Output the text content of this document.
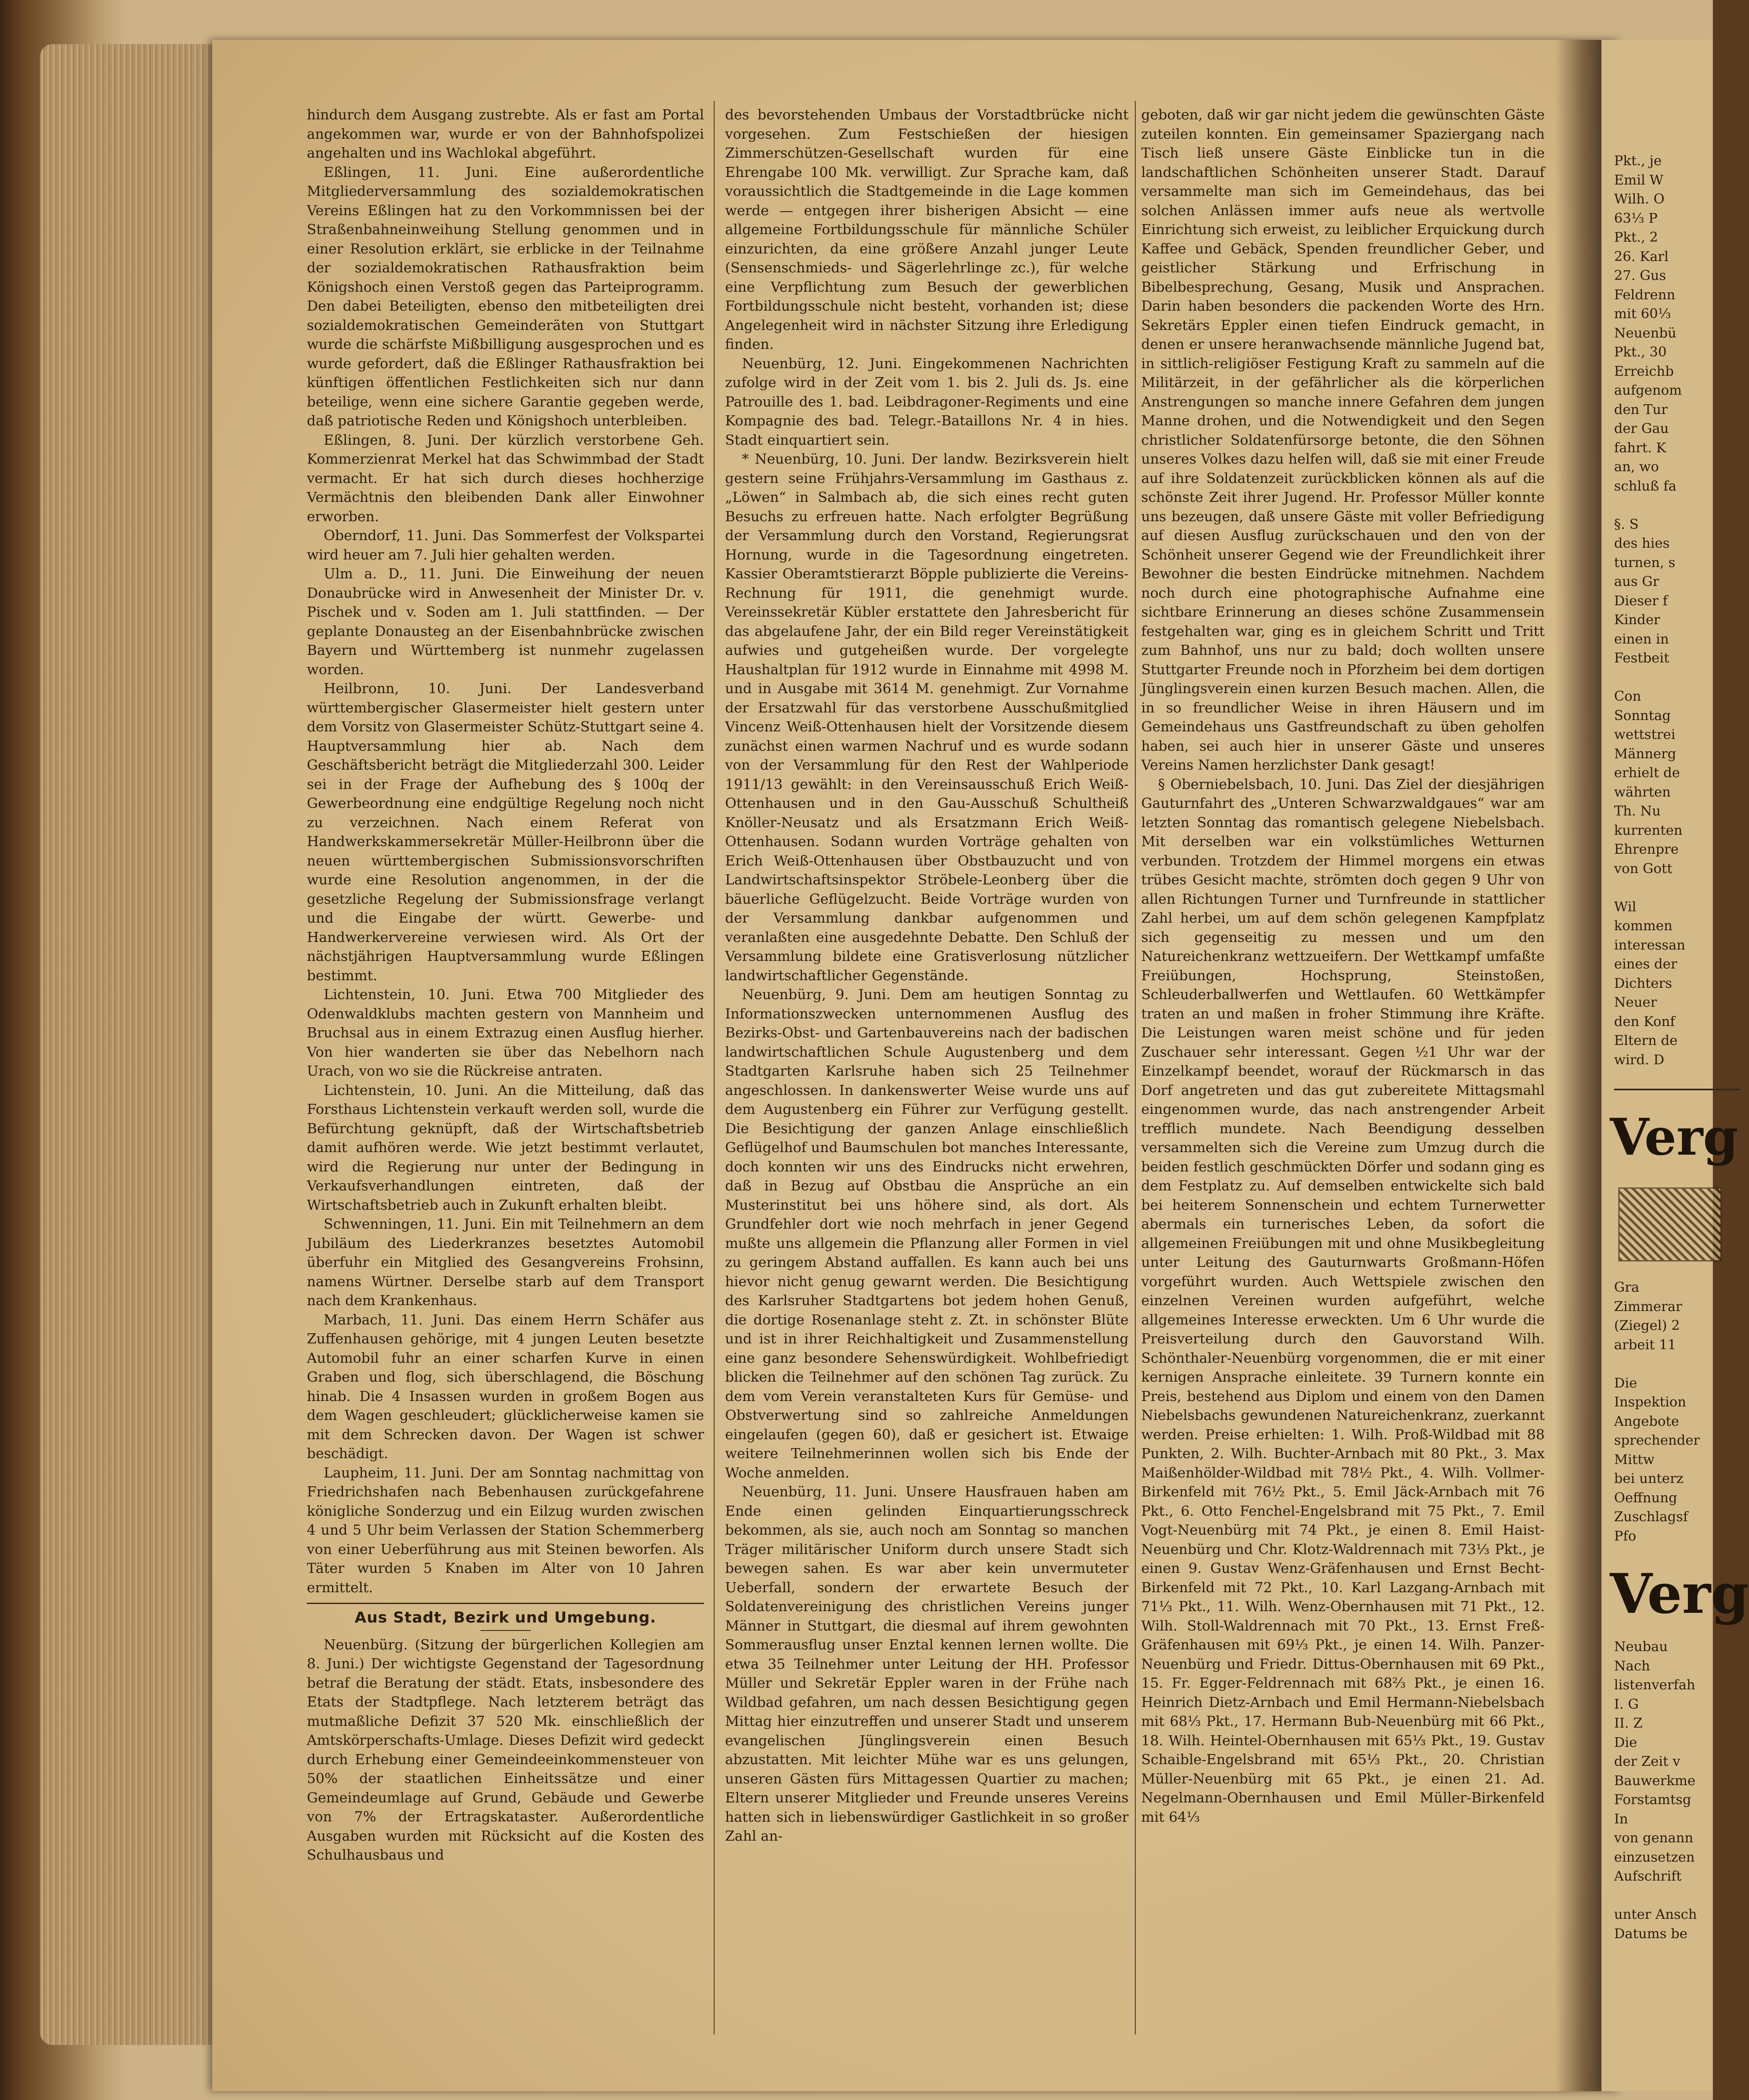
hindurch dem Ausgang zustrebte. Als er fast am Portal angekommen war, wurde er von der Bahnhofspolizei angehalten und ins Wachlokal abgeführt.

Eßlingen, 11. Juni. Eine außerordentliche Mitgliederversammlung des sozialdemokratischen Vereins Eßlingen hat zu den Vorkommnissen bei der Straßenbahneinweihung Stellung genommen und in einer Resolution erklärt, sie erblicke in der Teilnahme der sozialdemokratischen Rathausfraktion beim Königshoch einen Verstoß gegen das Parteiprogramm. Den dabei Beteiligten, ebenso den mitbeteiligten drei sozialdemokratischen Gemeinderäten von Stuttgart wurde die schärfste Mißbilligung ausgesprochen und es wurde gefordert, daß die Eßlinger Rathausfraktion bei künftigen öffentlichen Festlichkeiten sich nur dann beteilige, wenn eine sichere Garantie gegeben werde, daß patriotische Reden und Königshoch unterbleiben.

Eßlingen, 8. Juni. Der kürzlich verstorbene Geh. Kommerzienrat Merkel hat das Schwimmbad der Stadt vermacht. Er hat sich durch dieses hochherzige Vermächtnis den bleibenden Dank aller Einwohner erworben.

Oberndorf, 11. Juni. Das Sommerfest der Volkspartei wird heuer am 7. Juli hier gehalten werden.

Ulm a. D., 11. Juni. Die Einweihung der neuen Donaubrücke wird in Anwesenheit der Minister Dr. v. Pischek und v. Soden am 1. Juli stattfinden. — Der geplante Donausteg an der Eisenbahnbrücke zwischen Bayern und Württemberg ist nunmehr zugelassen worden.

Heilbronn, 10. Juni. Der Landesverband württembergischer Glasermeister hielt gestern unter dem Vorsitz von Glasermeister Schütz-Stuttgart seine 4. Hauptversammlung hier ab. Nach dem Geschäftsbericht beträgt die Mitgliederzahl 300. Leider sei in der Frage der Aufhebung des § 100q der Gewerbeordnung eine endgültige Regelung noch nicht zu verzeichnen. Nach einem Referat von Handwerkskammersekretär Müller-Heilbronn über die neuen württembergischen Submissionsvorschriften wurde eine Resolution angenommen, in der die gesetzliche Regelung der Submissionsfrage verlangt und die Eingabe der württ. Gewerbe- und Handwerkervereine verwiesen wird. Als Ort der nächstjährigen Hauptversammlung wurde Eßlingen bestimmt.

Lichtenstein, 10. Juni. Etwa 700 Mitglieder des Odenwaldklubs machten gestern von Mannheim und Bruchsal aus in einem Extrazug einen Ausflug hierher. Von hier wanderten sie über das Nebelhorn nach Urach, von wo sie die Rückreise antraten.

Lichtenstein, 10. Juni. An die Mitteilung, daß das Forsthaus Lichtenstein verkauft werden soll, wurde die Befürchtung geknüpft, daß der Wirtschaftsbetrieb damit aufhören werde. Wie jetzt bestimmt verlautet, wird die Regierung nur unter der Bedingung in Verkaufsverhandlungen eintreten, daß der Wirtschaftsbetrieb auch in Zukunft erhalten bleibt.

Schwenningen, 11. Juni. Ein mit Teilnehmern an dem Jubiläum des Liederkranzes besetztes Automobil überfuhr ein Mitglied des Gesangvereins Frohsinn, namens Würtner. Derselbe starb auf dem Transport nach dem Krankenhaus.

Marbach, 11. Juni. Das einem Herrn Schäfer aus Zuffenhausen gehörige, mit 4 jungen Leuten besetzte Automobil fuhr an einer scharfen Kurve in einen Graben und flog, sich überschlagend, die Böschung hinab. Die 4 Insassen wurden in großem Bogen aus dem Wagen geschleudert; glücklicherweise kamen sie mit dem Schrecken davon. Der Wagen ist schwer beschädigt.

Laupheim, 11. Juni. Der am Sonntag nachmittag von Friedrichshafen nach Bebenhausen zurückgefahrene königliche Sonderzug und ein Eilzug wurden zwischen 4 und 5 Uhr beim Verlassen der Station Schemmerberg von einer Ueberführung aus mit Steinen beworfen. Als Täter wurden 5 Knaben im Alter von 10 Jahren ermittelt.

Aus Stadt, Bezirk und Umgebung.

Neuenbürg. (Sitzung der bürgerlichen Kollegien am 8. Juni.) Der wichtigste Gegenstand der Tagesordnung betraf die Beratung der städt. Etats, insbesondere des Etats der Stadtpflege. Nach letzterem beträgt das mutmaßliche Defizit 37 520 Mk. einschließlich der Amtskörperschafts-Umlage. Dieses Defizit wird gedeckt durch Erhebung einer Gemeindeeinkommensteuer von 50% der staatlichen Einheitssätze und einer Gemeindeumlage auf Grund, Gebäude und Gewerbe von 7% der Ertragskataster. Außerordentliche Ausgaben wurden mit Rücksicht auf die Kosten des Schulhausbaus und

des bevorstehenden Umbaus der Vorstadtbrücke nicht vorgesehen. Zum Festschießen der hiesigen Zimmerschützen-Gesellschaft wurden für eine Ehrengabe 100 Mk. verwilligt. Zur Sprache kam, daß voraussichtlich die Stadtgemeinde in die Lage kommen werde — entgegen ihrer bisherigen Absicht — eine allgemeine Fortbildungsschule für männliche Schüler einzurichten, da eine größere Anzahl junger Leute (Sensenschmieds- und Sägerlehrlinge zc.), für welche eine Verpflichtung zum Besuch der gewerblichen Fortbildungsschule nicht besteht, vorhanden ist; diese Angelegenheit wird in nächster Sitzung ihre Erledigung finden.

Neuenbürg, 12. Juni. Eingekommenen Nachrichten zufolge wird in der Zeit vom 1. bis 2. Juli ds. Js. eine Patrouille des 1. bad. Leibdragoner-Regiments und eine Kompagnie des bad. Telegr.-Bataillons Nr. 4 in hies. Stadt einquartiert sein.

* Neuenbürg, 10. Juni. Der landw. Bezirksverein hielt gestern seine Frühjahrs-Versammlung im Gasthaus z. „Löwen“ in Salmbach ab, die sich eines recht guten Besuchs zu erfreuen hatte. Nach erfolgter Begrüßung der Versammlung durch den Vorstand, Regierungsrat Hornung, wurde in die Tagesordnung eingetreten. Kassier Oberamtstierarzt Böpple publizierte die Vereins-Rechnung für 1911, die genehmigt wurde. Vereinssekretär Kübler erstattete den Jahresbericht für das abgelaufene Jahr, der ein Bild reger Vereinstätigkeit aufwies und gutgeheißen wurde. Der vorgelegte Haushaltplan für 1912 wurde in Einnahme mit 4998 M. und in Ausgabe mit 3614 M. genehmigt. Zur Vornahme der Ersatzwahl für das verstorbene Ausschußmitglied Vincenz Weiß-Ottenhausen hielt der Vorsitzende diesem zunächst einen warmen Nachruf und es wurde sodann von der Versammlung für den Rest der Wahlperiode 1911/13 gewählt: in den Vereinsausschuß Erich Weiß-Ottenhausen und in den Gau-Ausschuß Schultheiß Knöller-Neusatz und als Ersatzmann Erich Weiß-Ottenhausen. Sodann wurden Vorträge gehalten von Erich Weiß-Ottenhausen über Obstbauzucht und von Landwirtschaftsinspektor Ströbele-Leonberg über die bäuerliche Geflügelzucht. Beide Vorträge wurden von der Versammlung dankbar aufgenommen und veranlaßten eine ausgedehnte Debatte. Den Schluß der Versammlung bildete eine Gratisverlosung nützlicher landwirtschaftlicher Gegenstände.

Neuenbürg, 9. Juni. Dem am heutigen Sonntag zu Informationszwecken unternommenen Ausflug des Bezirks-Obst- und Gartenbauvereins nach der badischen landwirtschaftlichen Schule Augustenberg und dem Stadtgarten Karlsruhe haben sich 25 Teilnehmer angeschlossen. In dankenswerter Weise wurde uns auf dem Augustenberg ein Führer zur Verfügung gestellt. Die Besichtigung der ganzen Anlage einschließlich Geflügelhof und Baumschulen bot manches Interessante, doch konnten wir uns des Eindrucks nicht erwehren, daß in Bezug auf Obstbau die Ansprüche an ein Musterinstitut bei uns höhere sind, als dort. Als Grundfehler dort wie noch mehrfach in jener Gegend mußte uns allgemein die Pflanzung aller Formen in viel zu geringem Abstand auffallen. Es kann auch bei uns hievor nicht genug gewarnt werden. Die Besichtigung des Karlsruher Stadtgartens bot jedem hohen Genuß, die dortige Rosenanlage steht z. Zt. in schönster Blüte und ist in ihrer Reichhaltigkeit und Zusammenstellung eine ganz besondere Sehenswürdigkeit. Wohlbefriedigt blicken die Teilnehmer auf den schönen Tag zurück. Zu dem vom Verein veranstalteten Kurs für Gemüse- und Obstverwertung sind so zahlreiche Anmeldungen eingelaufen (gegen 60), daß er gesichert ist. Etwaige weitere Teilnehmerinnen wollen sich bis Ende der Woche anmelden.

Neuenbürg, 11. Juni. Unsere Hausfrauen haben am Ende einen gelinden Einquartierungsschreck bekommen, als sie, auch noch am Sonntag so manchen Träger militärischer Uniform durch unsere Stadt sich bewegen sahen. Es war aber kein unvermuteter Ueberfall, sondern der erwartete Besuch der Soldatenvereinigung des christlichen Vereins junger Männer in Stuttgart, die diesmal auf ihrem gewohnten Sommerausflug unser Enztal kennen lernen wollte. Die etwa 35 Teilnehmer unter Leitung der HH. Professor Müller und Sekretär Eppler waren in der Frühe nach Wildbad gefahren, um nach dessen Besichtigung gegen Mittag hier einzutreffen und unserer Stadt und unserem evangelischen Jünglingsverein einen Besuch abzustatten. Mit leichter Mühe war es uns gelungen, unseren Gästen fürs Mittagessen Quartier zu machen; Eltern unserer Mitglieder und Freunde unseres Vereins hatten sich in liebenswürdiger Gastlichkeit in so großer Zahl an-

geboten, daß wir gar nicht jedem die gewünschten Gäste zuteilen konnten. Ein gemeinsamer Spaziergang nach Tisch ließ unsere Gäste Einblicke tun in die landschaftlichen Schönheiten unserer Stadt. Darauf versammelte man sich im Gemeindehaus, das bei solchen Anlässen immer aufs neue als wertvolle Einrichtung sich erweist, zu leiblicher Erquickung durch Kaffee und Gebäck, Spenden freundlicher Geber, und geistlicher Stärkung und Erfrischung in Bibelbesprechung, Gesang, Musik und Ansprachen. Darin haben besonders die packenden Worte des Hrn. Sekretärs Eppler einen tiefen Eindruck gemacht, in denen er unsere heranwachsende männliche Jugend bat, in sittlich-religiöser Festigung Kraft zu sammeln auf die Militärzeit, in der gefährlicher als die körperlichen Anstrengungen so manche innere Gefahren dem jungen Manne drohen, und die Notwendigkeit und den Segen christlicher Soldatenfürsorge betonte, die den Söhnen unseres Volkes dazu helfen will, daß sie mit einer Freude auf ihre Soldatenzeit zurückblicken können als auf die schönste Zeit ihrer Jugend. Hr. Professor Müller konnte uns bezeugen, daß unsere Gäste mit voller Befriedigung auf diesen Ausflug zurückschauen und den von der Schönheit unserer Gegend wie der Freundlichkeit ihrer Bewohner die besten Eindrücke mitnehmen. Nachdem noch durch eine photographische Aufnahme eine sichtbare Erinnerung an dieses schöne Zusammensein festgehalten war, ging es in gleichem Schritt und Tritt zum Bahnhof, uns nur zu bald; doch wollten unsere Stuttgarter Freunde noch in Pforzheim bei dem dortigen Jünglingsverein einen kurzen Besuch machen. Allen, die in so freundlicher Weise in ihren Häusern und im Gemeindehaus uns Gastfreundschaft zu üben geholfen haben, sei auch hier in unserer Gäste und unseres Vereins Namen herzlichster Dank gesagt!

§ Oberniebelsbach, 10. Juni. Das Ziel der diesjährigen Gauturnfahrt des „Unteren Schwarzwaldgaues“ war am letzten Sonntag das romantisch gelegene Niebelsbach. Mit derselben war ein volkstümliches Wetturnen verbunden. Trotzdem der Himmel morgens ein etwas trübes Gesicht machte, strömten doch gegen 9 Uhr von allen Richtungen Turner und Turnfreunde in stattlicher Zahl herbei, um auf dem schön gelegenen Kampfplatz sich gegenseitig zu messen und um den Natureichenkranz wettzueifern. Der Wettkampf umfaßte Freiübungen, Hochsprung, Steinstoßen, Schleuderballwerfen und Wettlaufen. 60 Wettkämpfer traten an und maßen in froher Stimmung ihre Kräfte. Die Leistungen waren meist schöne und für jeden Zuschauer sehr interessant. Gegen ½1 Uhr war der Einzelkampf beendet, worauf der Rückmarsch in das Dorf angetreten und das gut zubereitete Mittagsmahl eingenommen wurde, das nach anstrengender Arbeit trefflich mundete. Nach Beendigung desselben versammelten sich die Vereine zum Umzug durch die beiden festlich geschmückten Dörfer und sodann ging es dem Festplatz zu. Auf demselben entwickelte sich bald bei heiterem Sonnenschein und echtem Turnerwetter abermals ein turnerisches Leben, da sofort die allgemeinen Freiübungen mit und ohne Musikbegleitung unter Leitung des Gauturnwarts Großmann-Höfen vorgeführt wurden. Auch Wettspiele zwischen den einzelnen Vereinen wurden aufgeführt, welche allgemeines Interesse erweckten. Um 6 Uhr wurde die Preisverteilung durch den Gauvorstand Wilh. Schönthaler-Neuenbürg vorgenommen, die er mit einer kernigen Ansprache einleitete. 39 Turnern konnte ein Preis, bestehend aus Diplom und einem von den Damen Niebelsbachs gewundenen Natureichenkranz, zuerkannt werden. Preise erhielten: 1. Wilh. Proß-Wildbad mit 88 Punkten, 2. Wilh. Buchter-Arnbach mit 80 Pkt., 3. Max Maißenhölder-Wildbad mit 78½ Pkt., 4. Wilh. Vollmer-Birkenfeld mit 76½ Pkt., 5. Emil Jäck-Arnbach mit 76 Pkt., 6. Otto Fenchel-Engelsbrand mit 75 Pkt., 7. Emil Vogt-Neuenbürg mit 74 Pkt., je einen 8. Emil Haist-Neuenbürg und Chr. Klotz-Waldrennach mit 73⅓ Pkt., je einen 9. Gustav Wenz-Gräfenhausen und Ernst Becht-Birkenfeld mit 72 Pkt., 10. Karl Lazgang-Arnbach mit 71⅓ Pkt., 11. Wilh. Wenz-Obernhausen mit 71 Pkt., 12. Wilh. Stoll-Waldrennach mit 70 Pkt., 13. Ernst Freß-Gräfenhausen mit 69⅓ Pkt., je einen 14. Wilh. Panzer-Neuenbürg und Friedr. Dittus-Obernhausen mit 69 Pkt., 15. Fr. Egger-Feldrennach mit 68⅔ Pkt., je einen 16. Heinrich Dietz-Arnbach und Emil Hermann-Niebelsbach mit 68⅓ Pkt., 17. Hermann Bub-Neuenbürg mit 66 Pkt., 18. Wilh. Heintel-Obernhausen mit 65⅓ Pkt., 19. Gustav Schaible-Engelsbrand mit 65⅓ Pkt., 20. Christian Müller-Neuenbürg mit 65 Pkt., je einen 21. Ad. Negelmann-Obernhausen und Emil Müller-Birkenfeld mit 64⅓

Pkt., je
Emil W
Wilh. O
63⅓ P
Pkt., 2
26. Karl
27. Gus
Feldrenn
mit 60⅓
Neuenbü
Pkt., 30
Erreichb
aufgenom
den Tur
der Gau
fahrt. K
an, wo
schluß fa

§. S
des hies
turnen, s
aus Gr
Dieser f
Kinder
einen in
Festbeit

Con
Sonntag
wettstrei
Männerg
erhielt de
währten
Th. Nu
kurrenten
Ehrenpre
von Gott

Wil
kommen
interessan
eines der
Dichters
Neuer
den Konf
Eltern de
wird. D
Verg
Gra
Zimmerar
(Ziegel) 2
arbeit 11

Die
Inspektion
Angebote
sprechender
Mittw
bei unterz
Oeffnung
Zuschlagsf
Pfo
Verg
Neubau
Nach
listenverfah
I. G
II. Z
Die
der Zeit v
Bauwerkme
Forstamtsg
In
von genann
einzusetzen
Aufschrift

unter Ansch
Datums be
